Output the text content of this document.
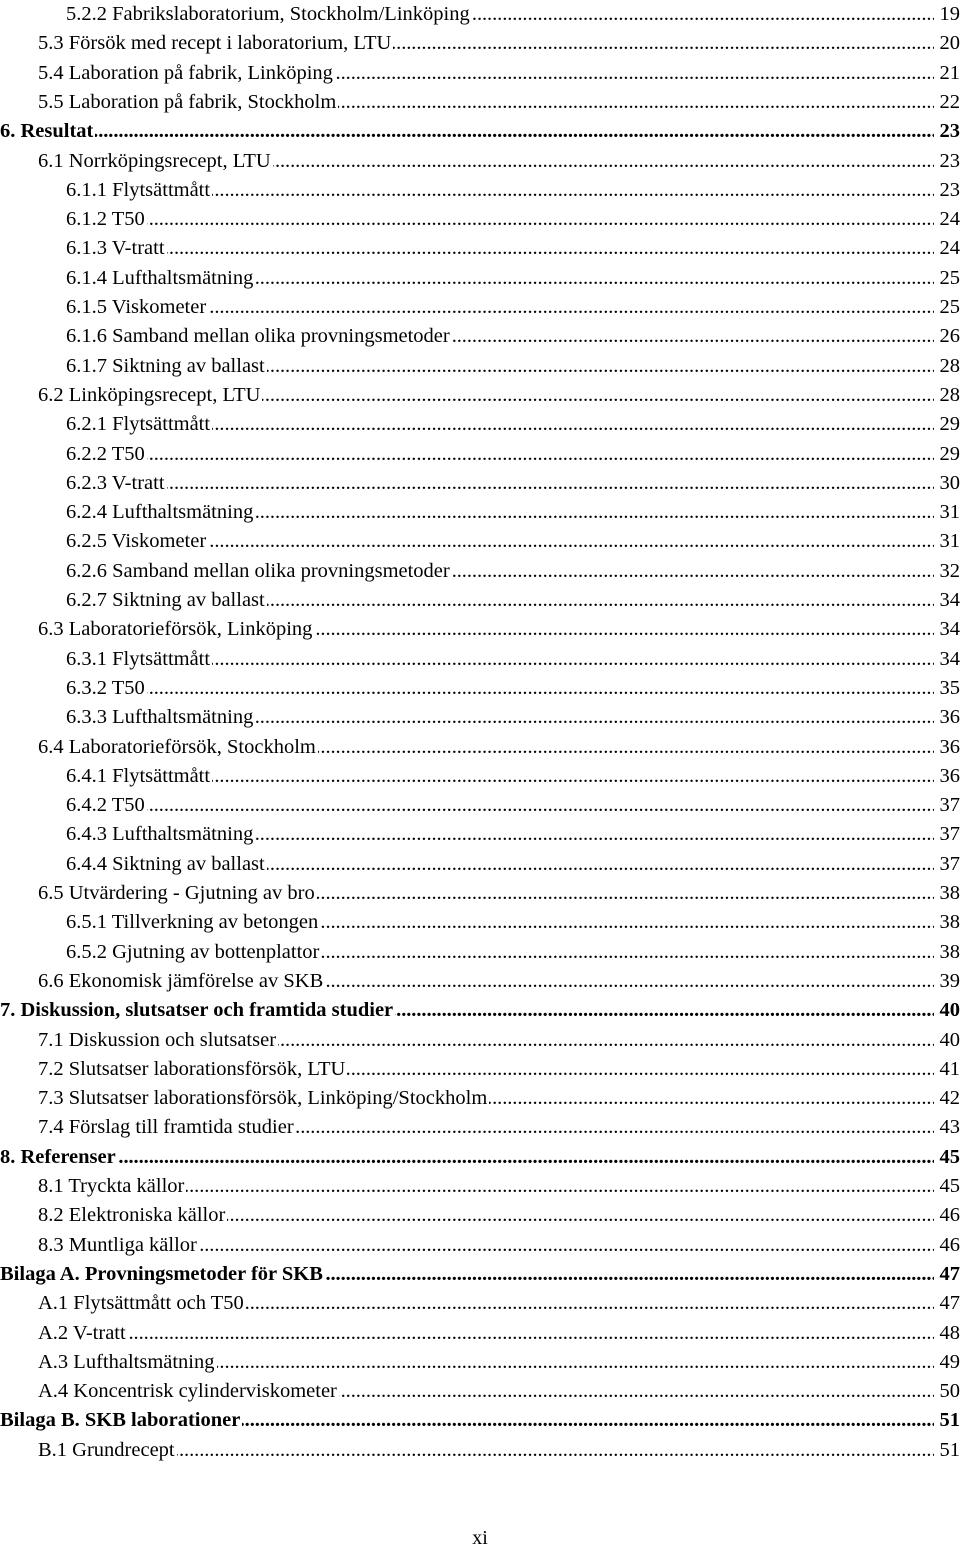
5.2.2 Fabrikslaboratorium, Stockholm/Linköping . . .	19
5.3 Försök med recept i laboratorium, LTU . . .	20
5.4 Laboration på fabrik, Linköping . . .	21
5.5 Laboration på fabrik, Stockholm . . .	22
6. Resultat . . .	23
6.1 Norrköpingsrecept, LTU . . .	23
6.1.1 Flytsättmått . . .	23
6.1.2 T50 . . .	24
6.1.3 V-tratt . . .	24
6.1.4 Lufthaltsmätning . . .	25
6.1.5 Viskometer . . .	25
6.1.6 Samband mellan olika provningsmetoder . . .	26
6.1.7 Siktning av ballast . . .	28
6.2 Linköpingsrecept, LTU . . .	28
6.2.1 Flytsättmått . . .	29
6.2.2 T50 . . .	29
6.2.3 V-tratt . . .	30
6.2.4 Lufthaltsmätning . . .	31
6.2.5 Viskometer . . .	31
6.2.6 Samband mellan olika provningsmetoder . . .	32
6.2.7 Siktning av ballast . . .	34
6.3 Laboratorieförsök, Linköping . . .	34
6.3.1 Flytsättmått . . .	34
6.3.2 T50 . . .	35
6.3.3 Lufthaltsmätning . . .	36
6.4 Laboratorieförsök, Stockholm . . .	36
6.4.1 Flytsättmått . . .	36
6.4.2 T50 . . .	37
6.4.3 Lufthaltsmätning . . .	37
6.4.4 Siktning av ballast . . .	37
6.5 Utvärdering - Gjutning av bro . . .	38
6.5.1 Tillverkning av betongen . . .	38
6.5.2 Gjutning av bottenplattor . . .	38
6.6 Ekonomisk jämförelse av SKB . . .	39
7. Diskussion, slutsatser och framtida studier . . .	40
7.1 Diskussion och slutsatser . . .	40
7.2 Slutsatser laborationsförsök, LTU . . .	41
7.3 Slutsatser laborationsförsök, Linköping/Stockholm . . .	42
7.4 Förslag till framtida studier . . .	43
8. Referenser . . .	45
8.1 Tryckta källor . . .	45
8.2 Elektroniska källor . . .	46
8.3 Muntliga källor . . .	46
Bilaga A. Provningsmetoder för SKB . . .	47
A.1 Flytsättmått och T50 . . .	47
A.2 V-tratt . . .	48
A.3 Lufthaltsmätning . . .	49
A.4 Koncentrisk cylinderviskometer . . .	50
Bilaga B. SKB laborationer . . .	51
B.1 Grundrecept . . .	51
xi
